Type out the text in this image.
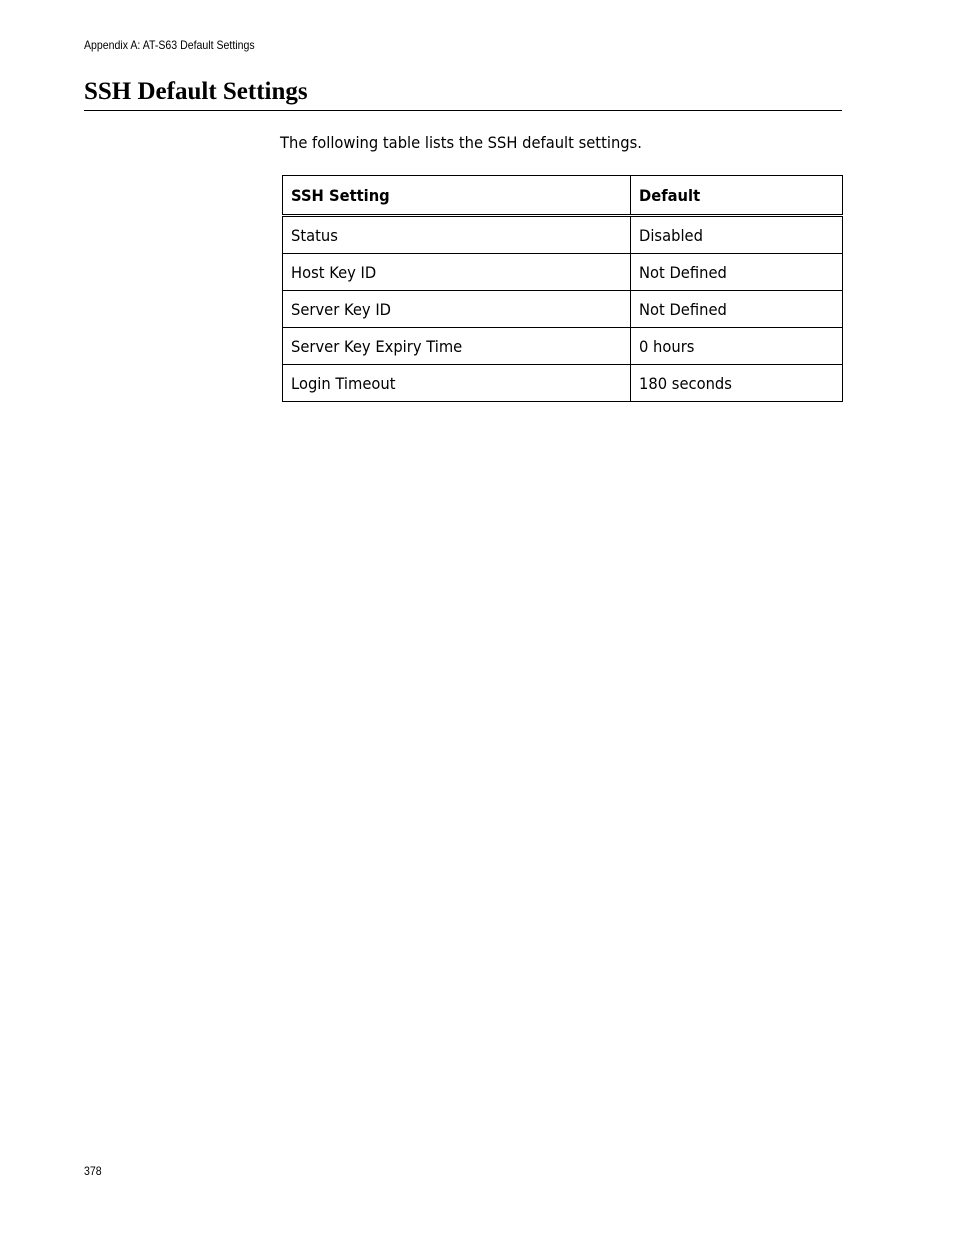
Appendix A: AT-S63 Default Settings
SSH Default Settings

The following table lists the SSH default settings.

SSH Setting	Default
Status	Disabled
Host Key ID	Not Defined
Server Key ID	Not Defined
Server Key Expiry Time	0 hours
Login Timeout	180 seconds
378
